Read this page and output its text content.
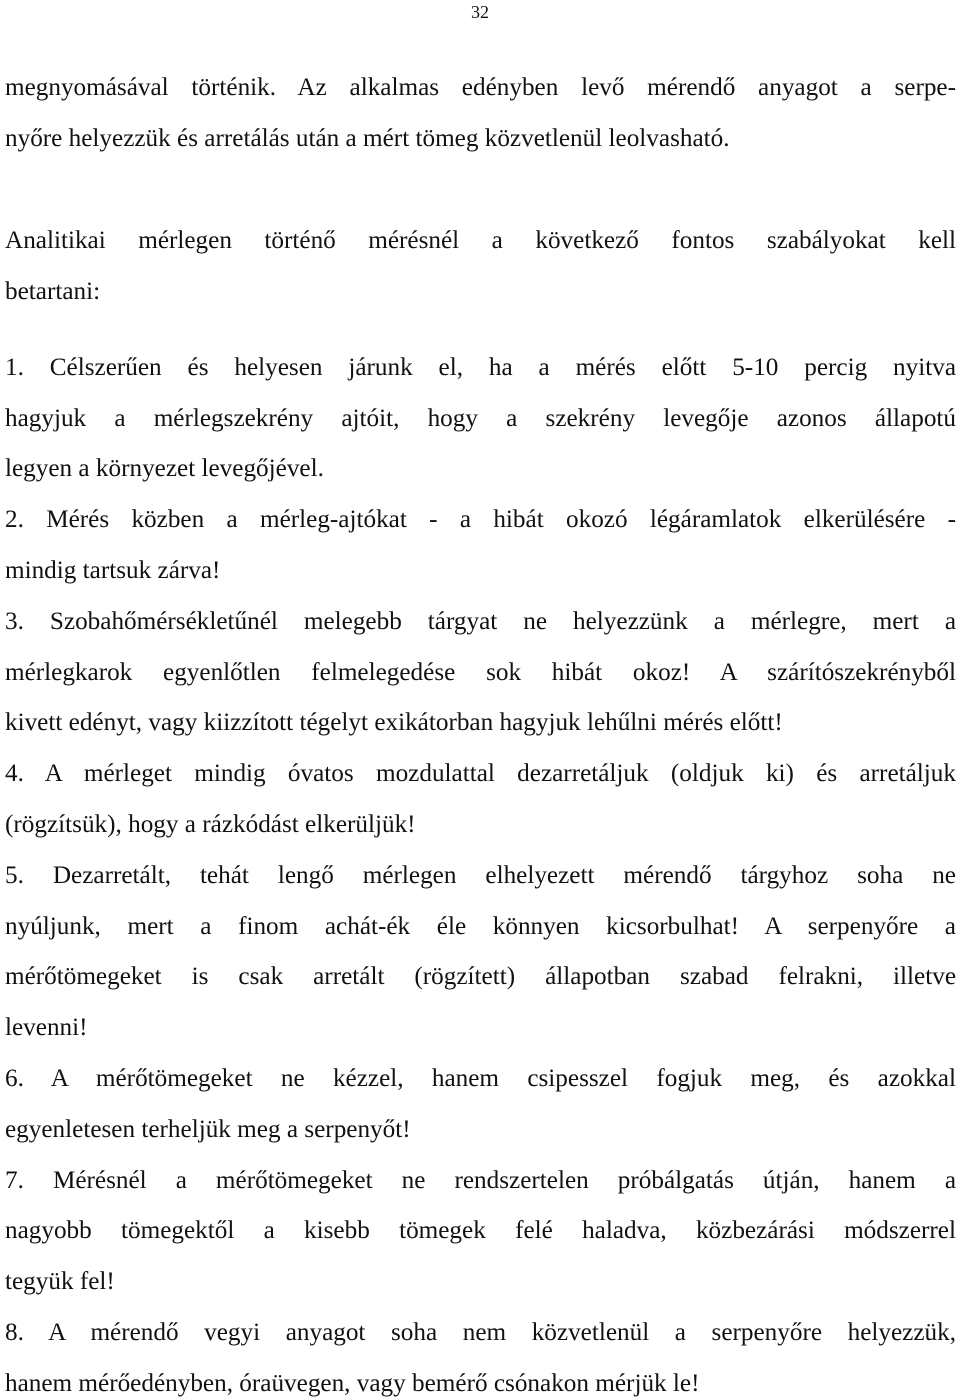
32

megnyomásával történik. Az alkalmas edényben levő mérendő anyagot a serpe-

nyőre helyezzük és arretálás után a mért tömeg közvetlenül leolvasható.

Analitikai mérlegen történő mérésnél a következő fontos szabályokat kell

betartani:

1. Célszerűen és helyesen járunk el, ha a mérés előtt 5-10 percig nyitva

hagyjuk a mérlegszekrény ajtóit, hogy a szekrény levegője azonos állapotú

legyen a környezet levegőjével.

2. Mérés közben a mérleg-ajtókat - a hibát okozó légáramlatok elkerülésére -

mindig tartsuk zárva!

3. Szobahőmérsékletűnél melegebb tárgyat ne helyezzünk a mérlegre, mert a

mérlegkarok egyenlőtlen felmelegedése sok hibát okoz! A szárítószekrényből

kivett edényt, vagy kiizzított tégelyt exikátorban hagyjuk lehűlni mérés előtt!

4. A mérleget mindig óvatos mozdulattal dezarretáljuk (oldjuk ki) és arretáljuk

(rögzítsük), hogy a rázkódást elkerüljük!

5. Dezarretált, tehát lengő mérlegen elhelyezett mérendő tárgyhoz soha ne

nyúljunk, mert a finom achát-ék éle könnyen kicsorbulhat! A serpenyőre a

mérőtömegeket is csak arretált (rögzített) állapotban szabad felrakni, illetve

levenni!

6. A mérőtömegeket ne kézzel, hanem csipesszel fogjuk meg, és azokkal

egyenletesen terheljük meg a serpenyőt!

7. Mérésnél a mérőtömegeket ne rendszertelen próbálgatás útján, hanem a

nagyobb tömegektől a kisebb tömegek felé haladva, közbezárási módszerrel

tegyük fel!

8. A mérendő vegyi anyagot soha nem közvetlenül a serpenyőre helyezzük,

hanem mérőedényben, óraüvegen, vagy bemérő csónakon mérjük le!
